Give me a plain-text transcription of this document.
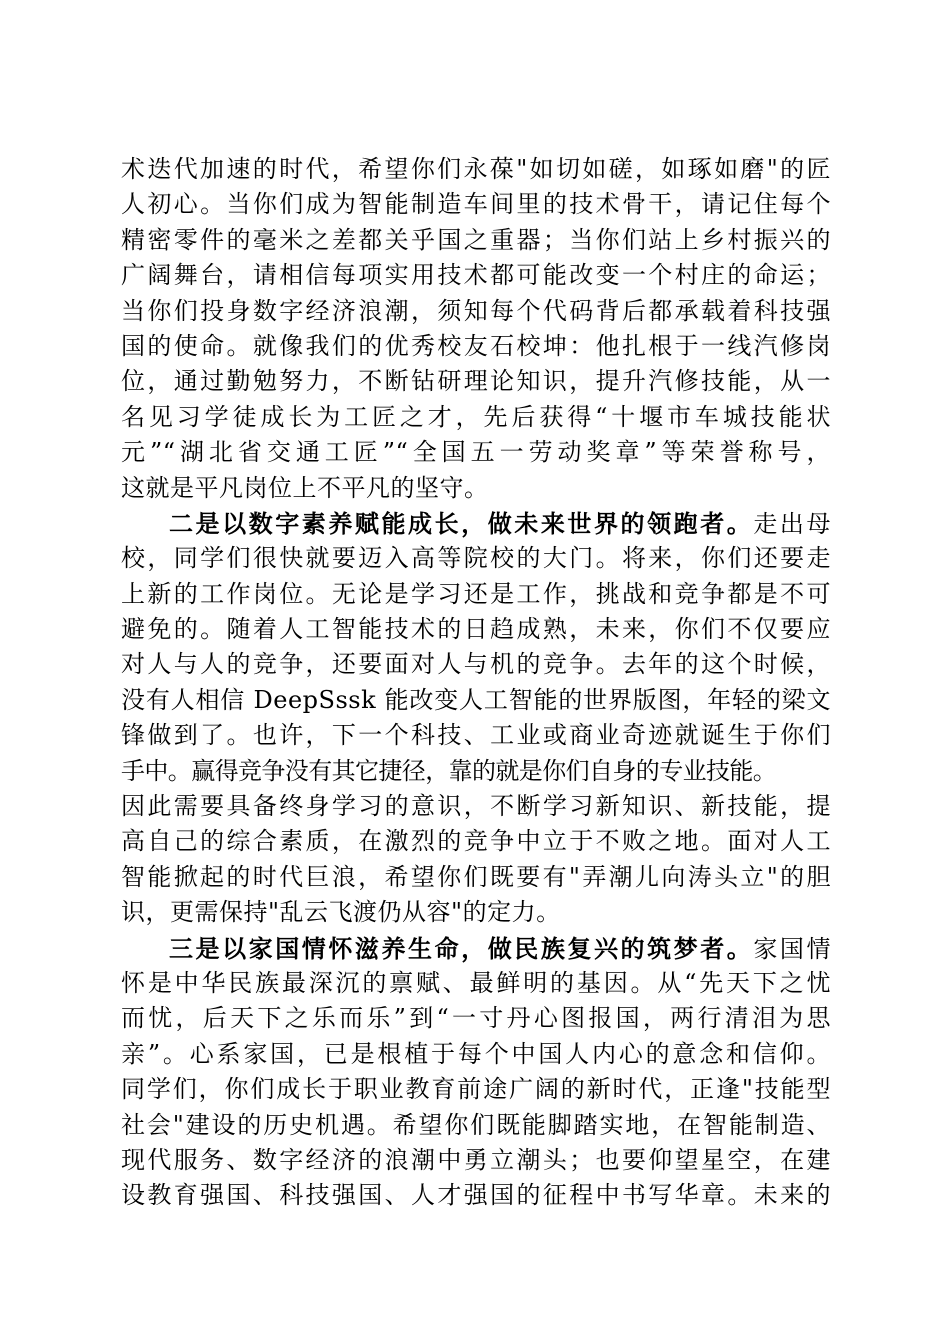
术迭代加速的时代，希望你们永葆"如切如磋，如琢如磨"的匠
人初心。当你们成为智能制造车间里的技术骨干，请记住每个
精密零件的毫米之差都关乎国之重器；当你们站上乡村振兴的
广阔舞台，请相信每项实用技术都可能改变一个村庄的命运；
当你们投身数字经济浪潮，须知每个代码背后都承载着科技强
国的使命。就像我们的优秀校友石校坤：他扎根于一线汽修岗
位，通过勤勉努力，不断钻研理论知识，提升汽修技能，从一
名见习学徒成长为工匠之才，先后获得“十堰市车城技能状
元”“湖北省交通工匠”“全国五一劳动奖章”等荣誉称号，
这就是平凡岗位上不平凡的坚守。
二是以数字素养赋能成长，做未来世界的领跑者。走出母
校，同学们很快就要迈入高等院校的大门。将来，你们还要走
上新的工作岗位。无论是学习还是工作，挑战和竞争都是不可
避免的。随着人工智能技术的日趋成熟，未来，你们不仅要应
对人与人的竞争，还要面对人与机的竞争。去年的这个时候，
没有人相信 DeepSssk 能改变人工智能的世界版图，年轻的梁文
锋做到了。也许，下一个科技、工业或商业奇迹就诞生于你们
手中。赢得竞争没有其它捷径，靠的就是你们自身的专业技能。
因此需要具备终身学习的意识，不断学习新知识、新技能，提
高自己的综合素质，在激烈的竞争中立于不败之地。面对人工
智能掀起的时代巨浪，希望你们既要有"弄潮儿向涛头立"的胆
识，更需保持"乱云飞渡仍从容"的定力。
三是以家国情怀滋养生命，做民族复兴的筑梦者。家国情
怀是中华民族最深沉的禀赋、最鲜明的基因。从“先天下之忧
而忧，后天下之乐而乐”到“一寸丹心图报国，两行清泪为思
亲”。心系家国，已是根植于每个中国人内心的意念和信仰。
同学们，你们成长于职业教育前途广阔的新时代，正逢"技能型
社会"建设的历史机遇。希望你们既能脚踏实地，在智能制造、
现代服务、数字经济的浪潮中勇立潮头；也要仰望星空，在建
设教育强国、科技强国、人才强国的征程中书写华章。未来的
